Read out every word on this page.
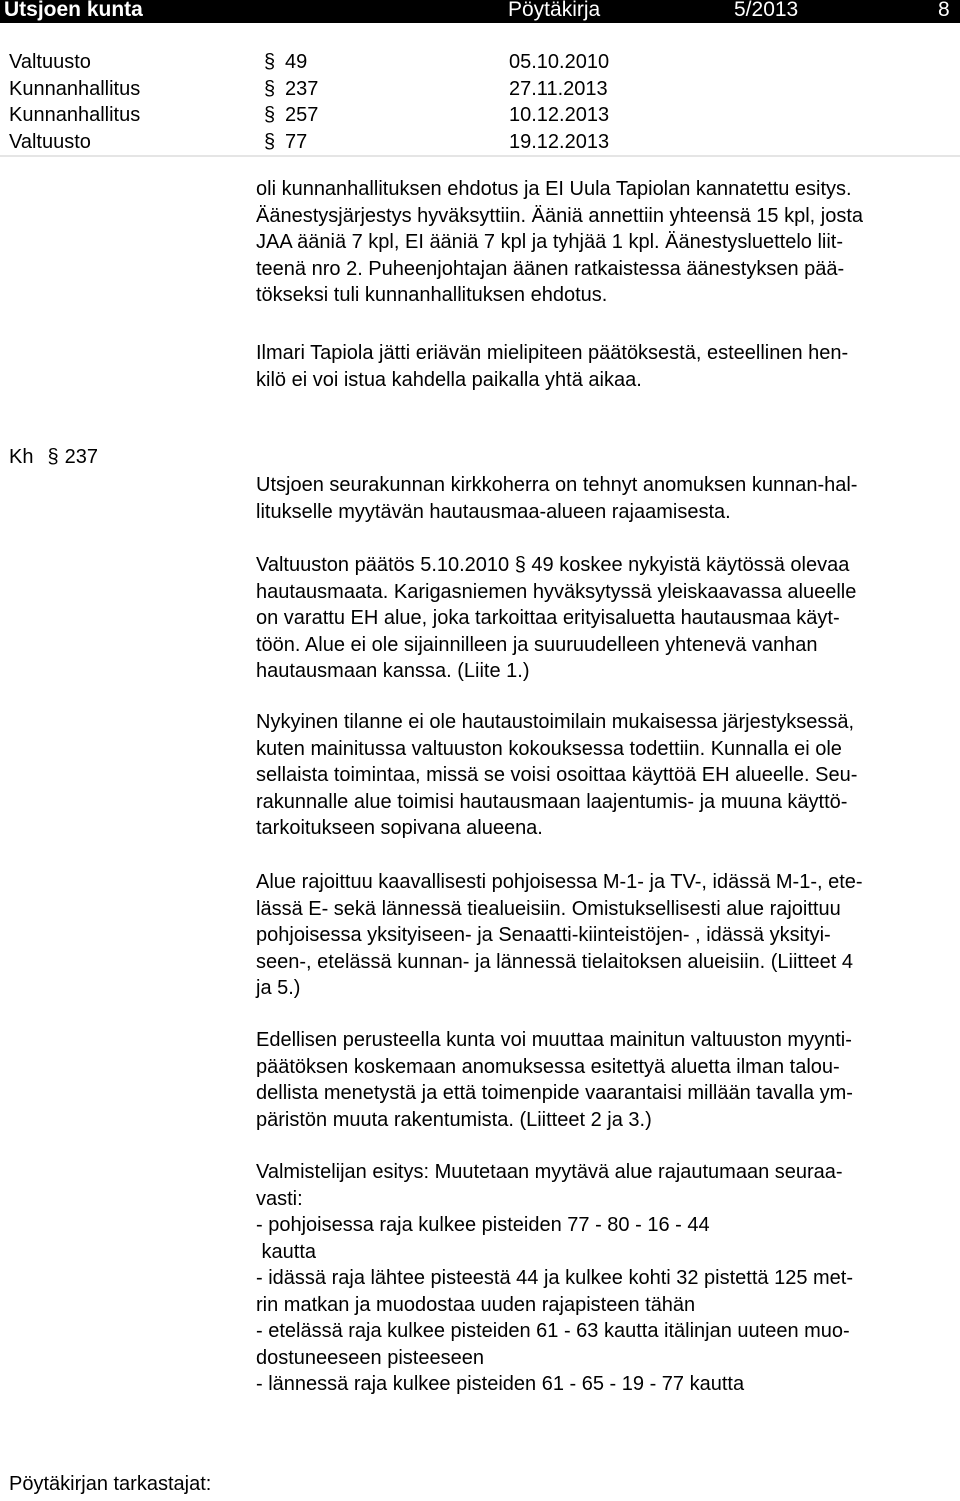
Utsjoen kunta	Pöytäkirja	5/2013	8
Valtuusto	§ 49	05.10.2010
Kunnanhallitus	§ 237	27.11.2013
Kunnanhallitus	§ 257	10.12.2013
Valtuusto	§ 77	19.12.2013

oli kunnanhallituksen ehdotus ja EI Uula Tapiolan kannatettu esitys.

Äänestysjärjestys hyväksyttiin. Ääniä annettiin yhteensä 15 kpl, josta

JAA ääniä 7 kpl, EI ääniä 7 kpl ja tyhjää 1 kpl. Äänestysluettelo liit-

teenä nro 2. Puheenjohtajan äänen ratkaistessa äänestyksen pää-

tökseksi tuli kunnanhallituksen ehdotus.

Ilmari Tapiola jätti eriävän mielipiteen päätöksestä, esteellinen hen-

kilö ei voi istua kahdella paikalla yhtä aikaa.

Kh § 237

Utsjoen seurakunnan kirkkoherra on tehnyt anomuksen kunnan-hal-

litukselle myytävän hautausmaa-alueen rajaamisesta.

Valtuuston päätös 5.10.2010 § 49 koskee nykyistä käytössä olevaa

hautausmaata. Karigasniemen hyväksytyssä yleiskaavassa alueelle

on varattu EH alue, joka tarkoittaa erityisaluetta hautausmaa käyt-

töön. Alue ei ole sijainnilleen ja suuruudelleen yhtenevä vanhan

hautausmaan kanssa. (Liite 1.)

Nykyinen tilanne ei ole hautaustoimilain mukaisessa järjestyksessä,

kuten mainitussa valtuuston kokouksessa todettiin. Kunnalla ei ole

sellaista toimintaa, missä se voisi osoittaa käyttöä EH alueelle. Seu-

rakunnalle alue toimisi hautausmaan laajentumis- ja muuna käyttö-

tarkoitukseen sopivana alueena.

Alue rajoittuu kaavallisesti pohjoisessa M-1- ja TV-, idässä M-1-, ete-

lässä E- sekä lännessä tiealueisiin. Omistuksellisesti alue rajoittuu

pohjoisessa yksityiseen- ja Senaatti-kiinteistöjen- , idässä yksityi-

seen-, etelässä kunnan- ja lännessä tielaitoksen alueisiin. (Liitteet 4

ja 5.)

Edellisen perusteella kunta voi muuttaa mainitun valtuuston myynti-

päätöksen koskemaan anomuksessa esitettyä aluetta ilman talou-

dellista menetystä ja että toimenpide vaarantaisi millään tavalla ym-

päristön muuta rakentumista. (Liitteet 2 ja 3.)

Valmistelijan esitys: Muutetaan myytävä alue rajautumaan seuraa-

vasti:

- pohjoisessa raja kulkee pisteiden 77 - 80 - 16 - 44

kautta

- idässä raja lähtee pisteestä 44 ja kulkee kohti 32 pistettä 125 met-

rin matkan ja muodostaa uuden rajapisteen tähän

- etelässä raja kulkee pisteiden 61 - 63 kautta itälinjan uuteen muo-

dostuneeseen pisteeseen

- lännessä raja kulkee pisteiden 61 - 65 - 19 - 77 kautta

Pöytäkirjan tarkastajat:
